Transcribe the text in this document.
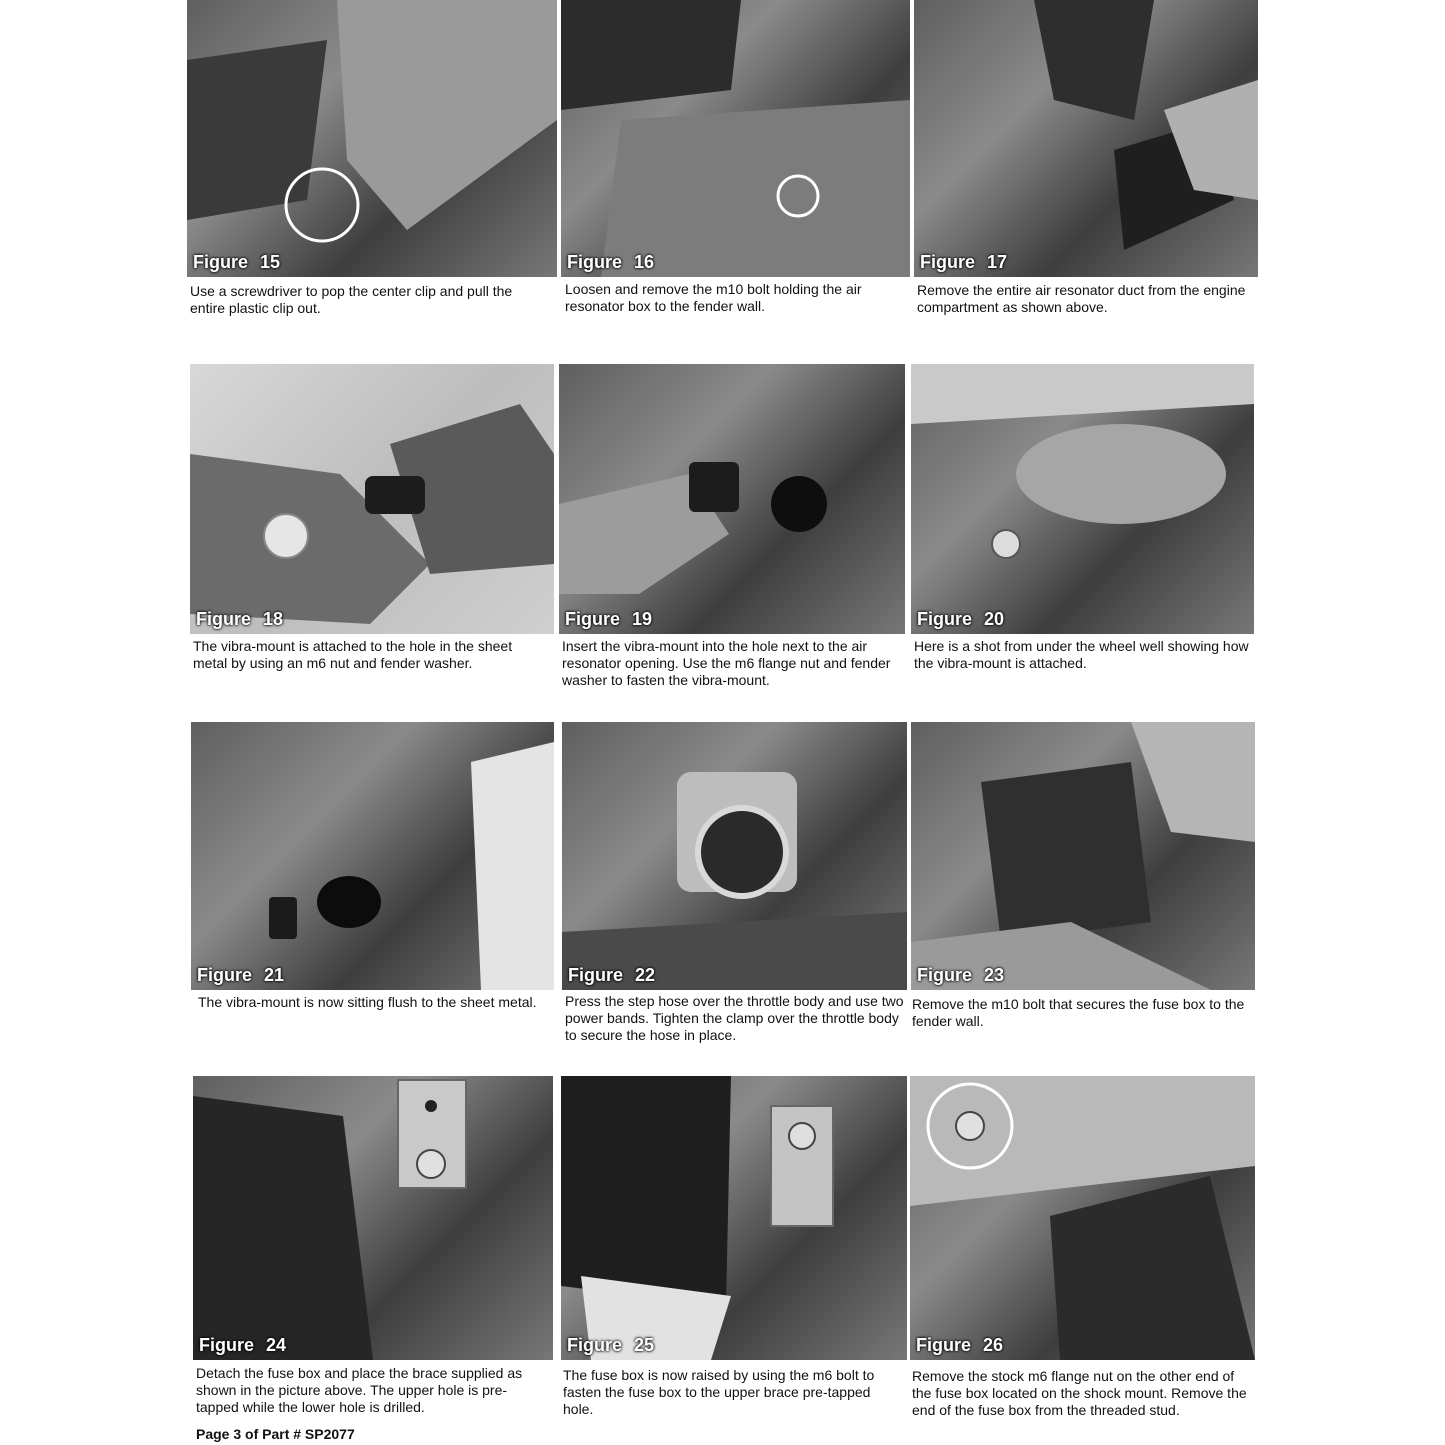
Figure 15
Use a screwdriver to pop the center clip and pull the entire plastic clip out.
Figure 16
Loosen and remove the m10 bolt holding the air resonator box to the fender wall.
Figure 17
Remove the entire air resonator duct from the engine compartment as shown above.
Figure 18
The vibra-mount is attached to the hole in the sheet metal by using an m6 nut and fender washer.
Figure 19
Insert the vibra-mount into the hole next to the air resonator opening. Use the m6 flange nut and fender washer to fasten the vibra-mount.
Figure 20
Here is a shot from under the wheel well showing how the vibra-mount is attached.
Figure 21
The vibra-mount is now sitting flush to the sheet metal.
Figure 22
Press the step hose over the throttle body and use two power bands. Tighten the clamp over the throttle body to secure the hose in place.
Figure 23
Remove the m10 bolt that secures the fuse box to the fender wall.
Figure 24
Detach the fuse box and place the brace supplied as shown in the picture above. The upper hole is pre-tapped while the lower hole is drilled.
Figure 25
The fuse box is now raised by using the m6 bolt to fasten the fuse box to the upper brace pre-tapped hole.
Figure 26
Remove the stock m6 flange nut on the other end of the fuse box located on the shock mount. Remove the end of the fuse box from the threaded stud.
Page 3 of Part # SP2077
